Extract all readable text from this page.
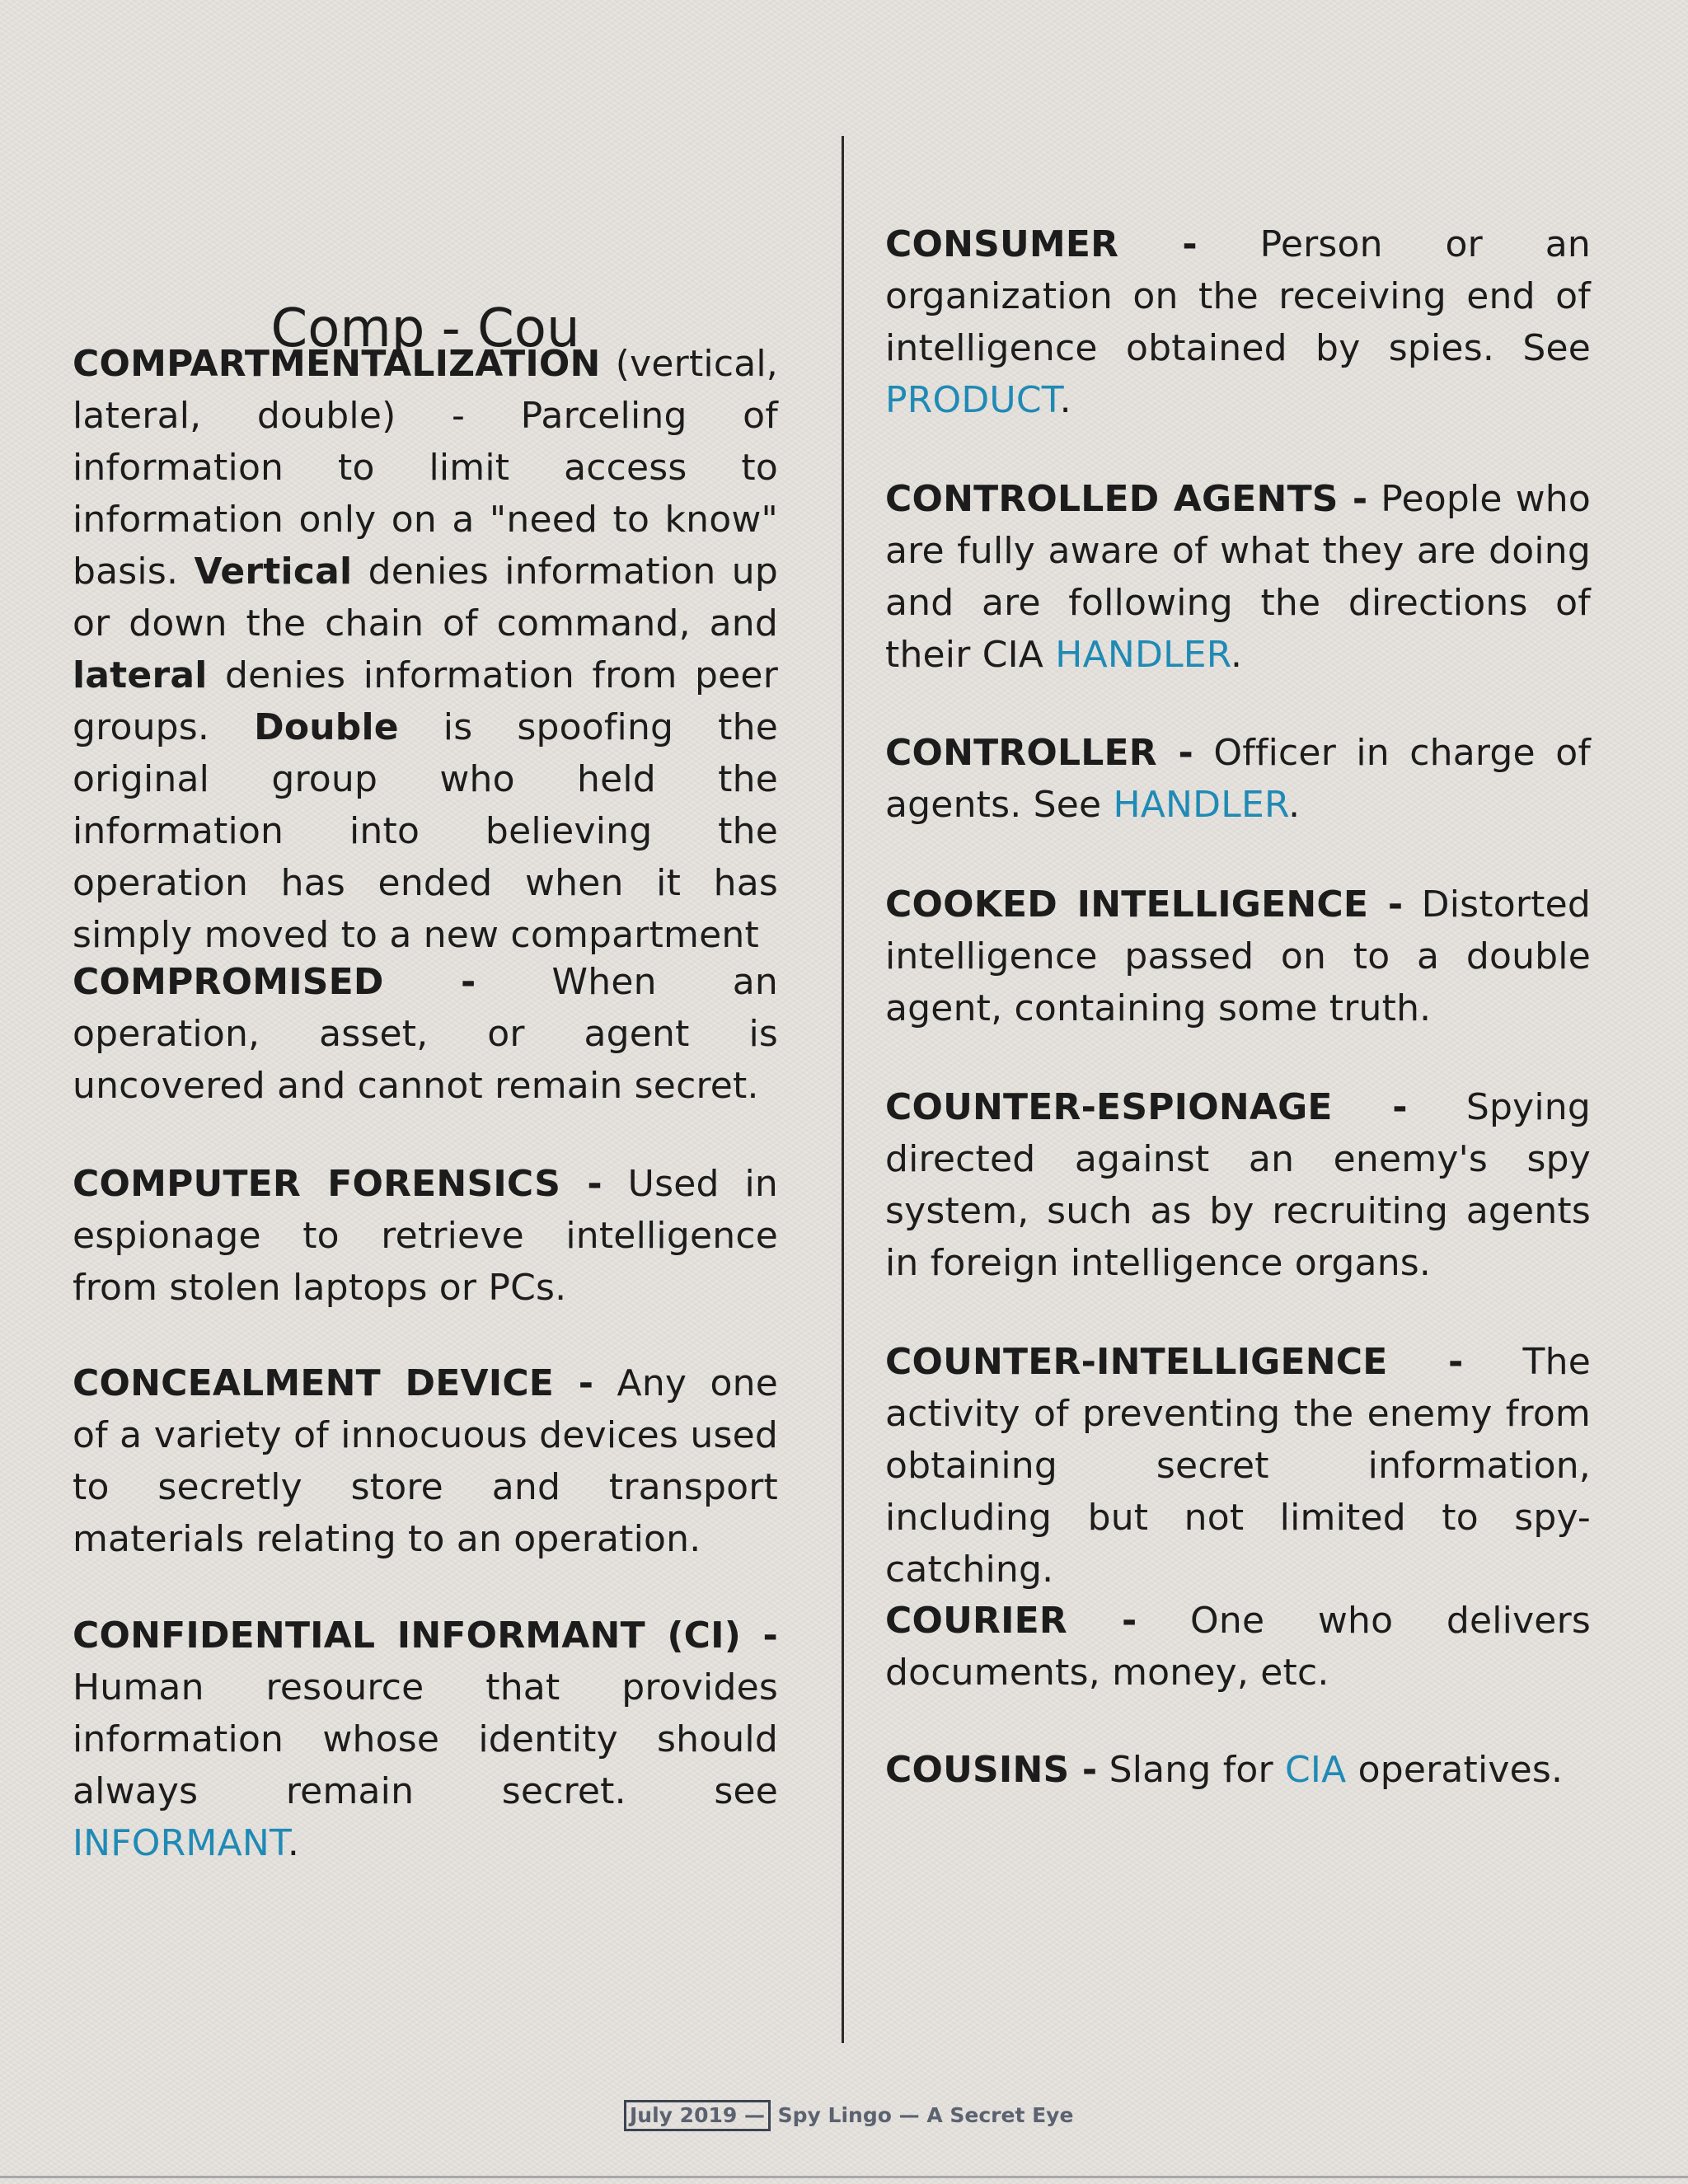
Comp - Cou

COMPARTMENTALIZATION (vertical, lateral, double) - Parceling of information to limit access to information only on a "need to know" basis. Vertical denies information up or down the chain of command, and lateral denies information from peer groups. Double is spoofing the original group who held the information into believing the operation has ended when it has simply moved to a new compartment

COMPROMISED - When an operation, asset, or agent is uncovered and cannot remain secret.

COMPUTER FORENSICS - Used in espionage to retrieve intelligence from stolen laptops or PCs.

CONCEALMENT DEVICE - Any one of a variety of innocuous devices used to secretly store and transport materials relating to an operation.

CONFIDENTIAL INFORMANT (CI) - Human resource that provides information whose identity should always remain secret. see INFORMANT.

CONSUMER - Person or an organization on the receiving end of intelligence obtained by spies. See PRODUCT.

CONTROLLED AGENTS - People who are fully aware of what they are doing and are following the directions of their CIA HANDLER.

CONTROLLER - Officer in charge of agents. See HANDLER.

COOKED INTELLIGENCE - Distorted intelligence passed on to a double agent, containing some truth.

COUNTER-ESPIONAGE - Spying directed against an enemy's spy system, such as by recruiting agents in foreign intelligence organs.

COUNTER-INTELLIGENCE - The activity of preventing the enemy from obtaining secret information, including but not limited to spy-catching.

COURIER - One who delivers documents, money, etc.

COUSINS - Slang for CIA operatives.

July 2019 — Spy Lingo — A Secret Eye
